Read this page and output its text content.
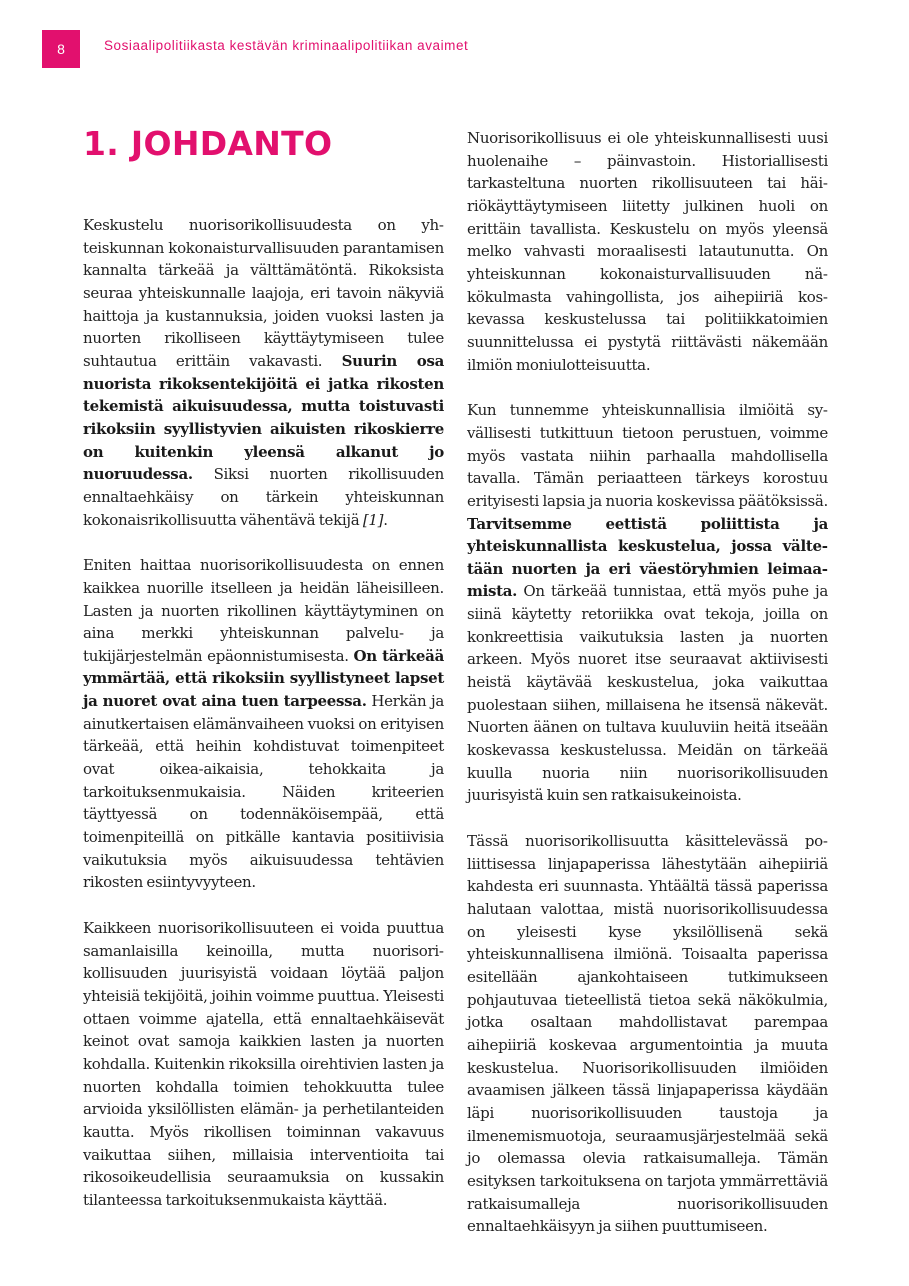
8	Sosiaalipolitiikasta kestävän kriminaalipolitiikan avaimet
1. JOHDANTO

Keskustelu nuorisorikollisuudesta on yhteiskunnan kokonaisturvallisuuden parantamisen kannalta tärkeää ja välttämätöntä. Rikoksista seuraa yhteiskunnalle laajoja, eri tavoin näkyviä haittoja ja kustannuksia, joiden vuoksi lasten ja nuorten rikolliseen käyttäytymiseen tulee suhtautua erittäin vakavasti. Suurin osa nuorista rikoksentekijöitä ei jatka rikosten tekemistä aikuisuudessa, mutta toistuvasti rikoksiin syyllistyvien aikuisten rikoskierre on kuitenkin yleensä alkanut jo nuoruudessa. Siksi nuorten rikollisuuden ennaltaehkäisy on tärkein yhteiskunnan kokonaisrikollisuutta vähentävä tekijä [1].

Eniten haittaa nuorisorikollisuudesta on ennen kaikkea nuorille itselleen ja heidän läheisilleen. Lasten ja nuorten rikollinen käyttäytyminen on aina merkki yhteiskunnan palvelu- ja tukijärjestelmän epäonnistumisesta. On tärkeää ymmärtää, että rikoksiin syyllistyneet lapset ja nuoret ovat aina tuen tarpeessa. Herkän ja ainutkertaisen elämänvaiheen vuoksi on erityisen tärkeää, että heihin kohdistuvat toimenpiteet ovat oikea-aikaisia, tehokkaita ja tarkoituksenmukaisia. Näiden kriteerien täyttyessä on todennäköisempää, että toimenpiteillä on pitkälle kantavia positiivisia vaikutuksia myös aikuisuudessa tehtävien rikosten esiintyvyyteen.

Kaikkeen nuorisorikollisuuteen ei voida puuttua samanlaisilla keinoilla, mutta nuorisorikollisuuden juurisyistä voidaan löytää paljon yhteisiä tekijöitä, joihin voimme puuttua. Yleisesti ottaen voimme ajatella, että ennaltaehkäisevät keinot ovat samoja kaikkien lasten ja nuorten kohdalla. Kuitenkin rikoksilla oirehtivien lasten ja nuorten kohdalla toimien tehokkuutta tulee arvioida yksilöllisten elämän- ja perhetilanteiden kautta. Myös rikollisen toiminnan vakavuus vaikuttaa siihen, millaisia interventioita tai rikosoikeudellisia seuraamuksia on kussakin tilanteessa tarkoituksenmukaista käyttää.

Nuorisorikollisuus ei ole yhteiskunnallisesti uusi huolenaihe – päinvastoin. Historiallisesti tarkasteltuna nuorten rikollisuuteen tai häiriökäyttäytymiseen liitetty julkinen huoli on erittäin tavallista. Keskustelu on myös yleensä melko vahvasti moraalisesti latautunutta. On yhteiskunnan kokonaisturvallisuuden näkökulmasta vahingollista, jos aihepiiriä koskevassa keskustelussa tai politiikkatoimien suunnittelussa ei pystytä riittävästi näkemään ilmiön moniulotteisuutta.

Kun tunnemme yhteiskunnallisia ilmiöitä syvällisesti tutkittuun tietoon perustuen, voimme myös vastata niihin parhaalla mahdollisella tavalla. Tämän periaatteen tärkeys korostuu erityisesti lapsia ja nuoria koskevissa päätöksissä. Tarvitsemme eettistä poliittista ja yhteiskunnallista keskustelua, jossa vältetään nuorten ja eri väestöryhmien leimaamista. On tärkeää tunnistaa, että myös puhe ja siinä käytetty retoriikka ovat tekoja, joilla on konkreettisia vaikutuksia lasten ja nuorten arkeen. Myös nuoret itse seuraavat aktiivisesti heistä käytävää keskustelua, joka vaikuttaa puolestaan siihen, millaisena he itsensä näkevät. Nuorten äänen on tultava kuuluviin heitä itseään koskevassa keskustelussa. Meidän on tärkeää kuulla nuoria niin nuorisorikollisuuden juurisyistä kuin sen ratkaisukeinoista.

Tässä nuorisorikollisuutta käsittelevässä poliittisessa linjapaperissa lähestytään aihepiiriä kahdesta eri suunnasta. Yhtäältä tässä paperissa halutaan valottaa, mistä nuorisorikollisuudessa on yleisesti kyse yksilöllisenä sekä yhteiskunnallisena ilmiönä. Toisaalta paperissa esitellään ajankohtaiseen tutkimukseen pohjautuvaa tieteellistä tietoa sekä näkökulmia, jotka osaltaan mahdollistavat parempaa aihepiiriä koskevaa argumentointia ja muuta keskustelua. Nuorisorikollisuuden ilmiöiden avaamisen jälkeen tässä linjapaperissa käydään läpi nuorisorikollisuuden taustoja ja ilmenemismuotoja, seuraamusjärjestelmää sekä jo olemassa olevia ratkaisumalleja. Tämän esityksen tarkoituksena on tarjota ymmärrettäviä ratkaisumalleja nuorisorikollisuuden ennaltaehkäisyyn ja siihen puuttumiseen.
